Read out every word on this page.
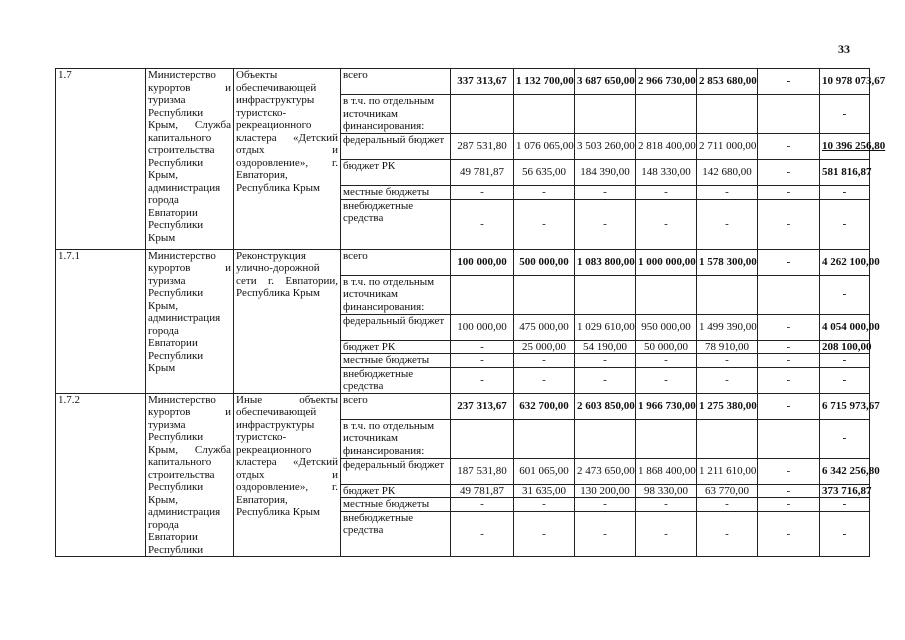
33
1.7	Министерство курортов и туризма Республики Крым, Служба капитального строительства Республики Крым, администрация города Евпатории Республики Крым	Объекты обеспечивающей инфраструктуры туристско-рекреационного кластера «Детский отдых и оздоровление», г. Евпатория, Республика Крым	всего	337 313,67	1 132 700,00	3 687 650,00	2 966 730,00	2 853 680,00	-	10 978 073,67
			в т.ч. по отдельным источникам финансирования:							-
			федеральный бюджет	287 531,80	1 076 065,00	3 503 260,00	2 818 400,00	2 711 000,00	-	10 396 256,80
			бюджет РК	49 781,87	56 635,00	184 390,00	148 330,00	142 680,00	-	581 816,87
			местные бюджеты	-	-	-	-	-	-	-
			внебюджетные средства	-	-	-	-	-	-	-
1.7.1	Министерство курортов и туризма Республики Крым, администрация города Евпатории Республики Крым	Реконструкция улично-дорожной сети г. Евпатории, Республика Крым	всего	100 000,00	500 000,00	1 083 800,00	1 000 000,00	1 578 300,00	-	4 262 100,00
			в т.ч. по отдельным источникам финансирования:							-
			федеральный бюджет	100 000,00	475 000,00	1 029 610,00	950 000,00	1 499 390,00	-	4 054 000,00
			бюджет РК	-	25 000,00	54 190,00	50 000,00	78 910,00	-	208 100,00
			местные бюджеты	-	-	-	-	-	-	-
			внебюджетные средства	-	-	-	-	-	-	-
1.7.2	Министерство курортов и туризма Республики Крым, Служба капитального строительства Республики Крым, администрация города Евпатории Республики	Иные объекты обеспечивающей инфраструктуры туристско-рекреационного кластера «Детский отдых и оздоровление», г. Евпатория, Республика Крым	всего	237 313,67	632 700,00	2 603 850,00	1 966 730,00	1 275 380,00	-	6 715 973,67
			в т.ч. по отдельным источникам финансирования:							-
			федеральный бюджет	187 531,80	601 065,00	2 473 650,00	1 868 400,00	1 211 610,00	-	6 342 256,80
			бюджет РК	49 781,87	31 635,00	130 200,00	98 330,00	63 770,00	-	373 716,87
			местные бюджеты	-	-	-	-	-	-	-
			внебюджетные средства	-	-	-	-	-	-	-
